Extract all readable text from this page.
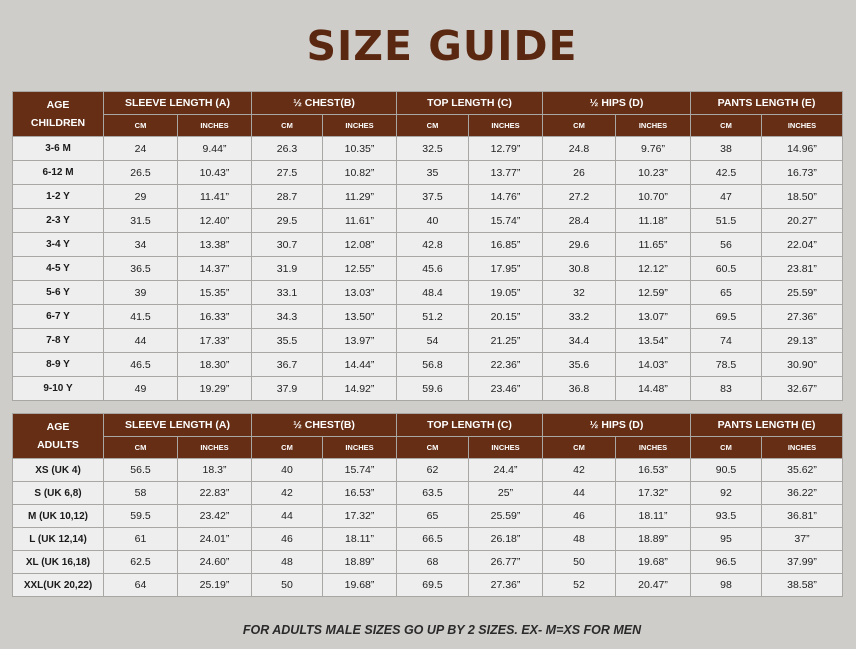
SIZE GUIDE
AGE
CHILDREN	SLEEVE LENGTH (A)		½ CHEST(B)		TOP LENGTH (C)		½ HIPS (D)		PANTS LENGTH (E)	
	CM	INCHES	CM	INCHES	CM	INCHES	CM	INCHES	CM	INCHES
3-6 M	24	9.44”	26.3	10.35”	32.5	12.79”	24.8	9.76”	38	14.96”
6-12 M	26.5	10.43”	27.5	10.82”	35	13.77”	26	10.23”	42.5	16.73”
1-2 Y	29	11.41”	28.7	11.29”	37.5	14.76”	27.2	10.70”	47	18.50”
2-3 Y	31.5	12.40”	29.5	11.61”	40	15.74”	28.4	11.18”	51.5	20.27”
3-4 Y	34	13.38”	30.7	12.08”	42.8	16.85”	29.6	11.65”	56	22.04”
4-5 Y	36.5	14.37”	31.9	12.55”	45.6	17.95”	30.8	12.12”	60.5	23.81”
5-6 Y	39	15.35”	33.1	13.03”	48.4	19.05”	32	12.59”	65	25.59”
6-7 Y	41.5	16.33”	34.3	13.50”	51.2	20.15”	33.2	13.07”	69.5	27.36”
7-8 Y	44	17.33”	35.5	13.97”	54	21.25”	34.4	13.54”	74	29.13”
8-9 Y	46.5	18.30”	36.7	14.44”	56.8	22.36”	35.6	14.03”	78.5	30.90”
9-10 Y	49	19.29”	37.9	14.92”	59.6	23.46”	36.8	14.48”	83	32.67”
AGE
ADULTS	SLEEVE LENGTH (A)		½ CHEST(B)		TOP LENGTH (C)		½ HIPS (D)		PANTS LENGTH (E)	
	CM	INCHES	CM	INCHES	CM	INCHES	CM	INCHES	CM	INCHES
XS (UK 4)	56.5	18.3”	40	15.74”	62	24.4”	42	16.53”	90.5	35.62”
S (UK 6,8)	58	22.83”	42	16.53”	63.5	25”	44	17.32”	92	36.22”
M (UK 10,12)	59.5	23.42”	44	17.32”	65	25.59”	46	18.11”	93.5	36.81”
L (UK 12,14)	61	24.01”	46	18.11”	66.5	26.18”	48	18.89”	95	37”
XL (UK 16,18)	62.5	24.60”	48	18.89”	68	26.77”	50	19.68”	96.5	37.99”
XXL(UK 20,22)	64	25.19”	50	19.68”	69.5	27.36”	52	20.47”	98	38.58”
FOR ADULTS MALE SIZES GO UP BY 2 SIZES. EX- M=XS FOR MEN
